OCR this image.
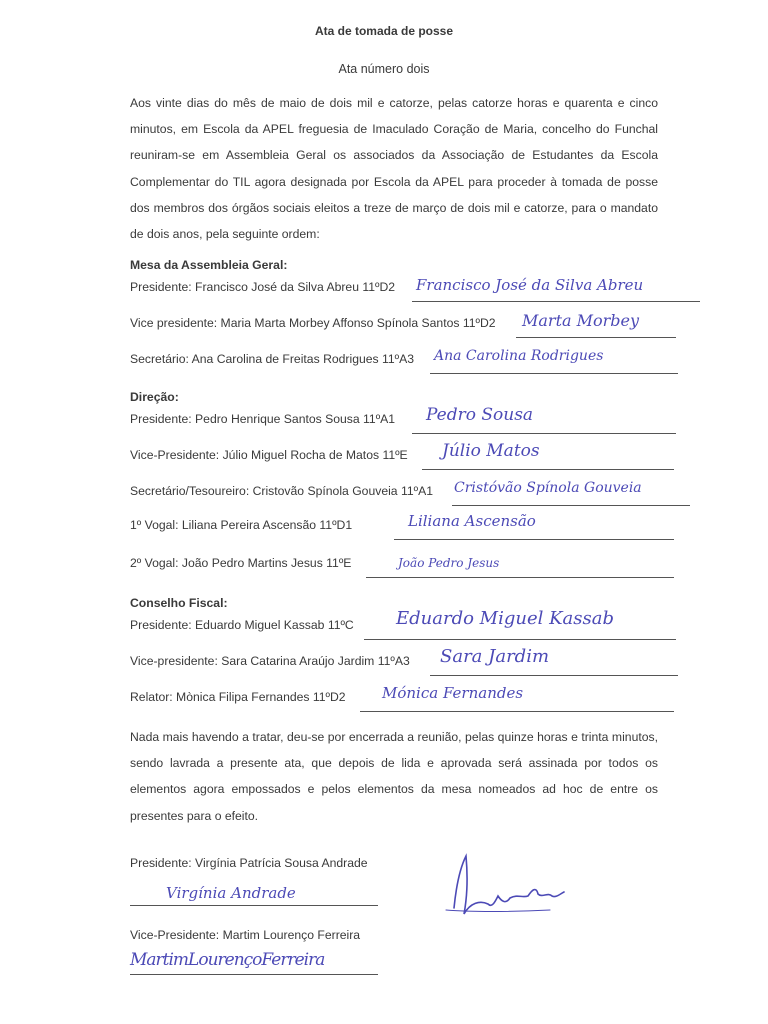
Ata de tomada de posse
Ata número dois
Aos vinte dias do mês de maio de dois mil e catorze, pelas catorze horas e quarenta e cinco minutos, em Escola da APEL freguesia de Imaculado Coração de Maria, concelho do Funchal reuniram-se em Assembleia Geral os associados da Associação de Estudantes da Escola Complementar do TIL agora designada por Escola da APEL para proceder à tomada de posse dos membros dos órgãos sociais eleitos a treze de março de dois mil e catorze, para o mandato de dois anos, pela seguinte ordem:
Mesa da Assembleia Geral:
Presidente: Francisco José da Silva Abreu 11ºD2	Francisco José da Silva Abreu
Vice presidente: Maria Marta Morbey Affonso Spínola Santos 11ºD2	Marta Morbey
Secretário: Ana Carolina de Freitas Rodrigues 11ºA3	Ana Carolina Rodrigues
Direção:
Presidente: Pedro Henrique Santos Sousa 11ºA1	Pedro Sousa
Vice-Presidente: Júlio Miguel Rocha de Matos 11ºE	Júlio Matos
Secretário/Tesoureiro: Cristovão Spínola Gouveia 11ºA1	Cristóvão Spínola Gouveia
1º Vogal: Liliana Pereira Ascensão 11ºD1	Liliana Ascensão
2º Vogal: João Pedro Martins Jesus 11ºE	João Pedro Jesus
Conselho Fiscal:
Presidente: Eduardo Miguel Kassab 11ºC	Eduardo Miguel Kassab
Vice-presidente: Sara Catarina Araújo Jardim 11ºA3	Sara Jardim
Relator: Mònica Filipa Fernandes 11ºD2	Mónica Fernandes
Nada mais havendo a tratar, deu-se por encerrada a reunião, pelas quinze horas e trinta minutos, sendo lavrada a presente ata, que depois de lida e aprovada será assinada por todos os elementos agora empossados e pelos elementos da mesa nomeados ad hoc de entre os presentes para o efeito.
Presidente: Virgínia Patrícia Sousa Andrade
Virgínia Andrade
Vice-Presidente: Martim Lourenço Ferreira
MartimLourençoFerreira
